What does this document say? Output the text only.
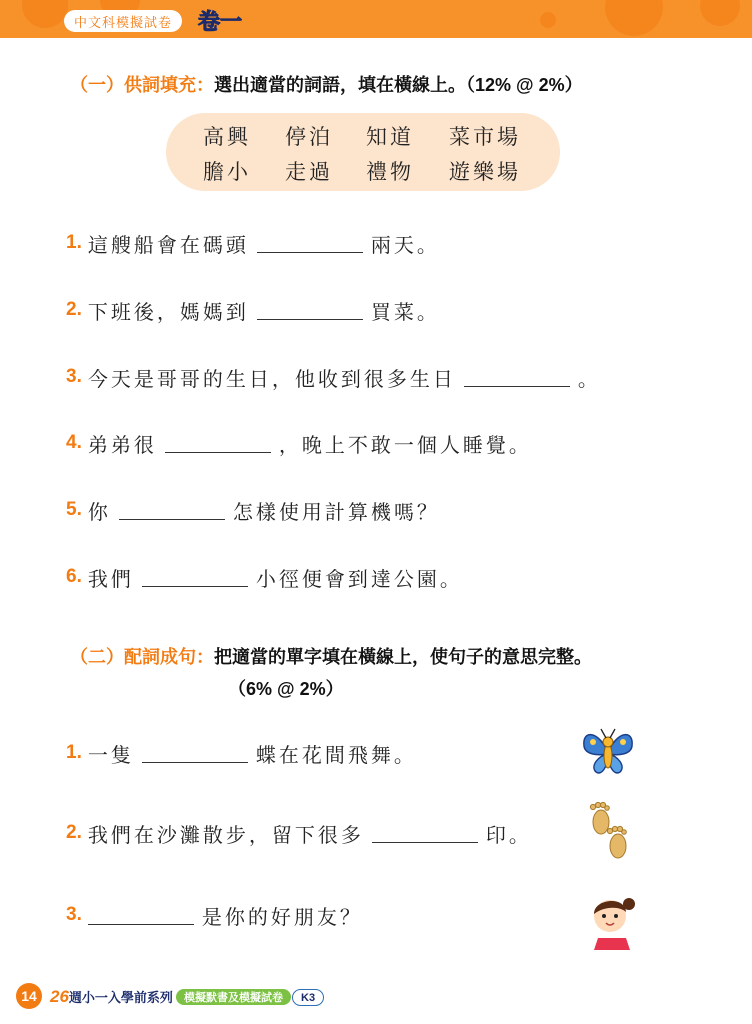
中文科模擬試卷	卷一
（一）供詞填充：選出適當的詞語，填在橫線上。（12% @ 2%）
高興 停泊 知道 菜市場
膽小 走過 禮物 遊樂場
1. 這艘船會在碼頭	兩天。
2. 下班後，媽媽到	買菜。
3. 今天是哥哥的生日，他收到很多生日	。
4. 弟弟很	，晚上不敢一個人睡覺。
5. 你	怎樣使用計算機嗎？
6. 我們	小徑便會到達公園。
（二）配詞成句：把適當的單字填在橫線上，使句子的意思完整。
（6% @ 2%）
1. 一隻	蝶在花間飛舞。
2. 我們在沙灘散步，留下很多	印。
3.	是你的好朋友？
14 26週小一入學前系列	模擬默書及模擬試卷	K3
